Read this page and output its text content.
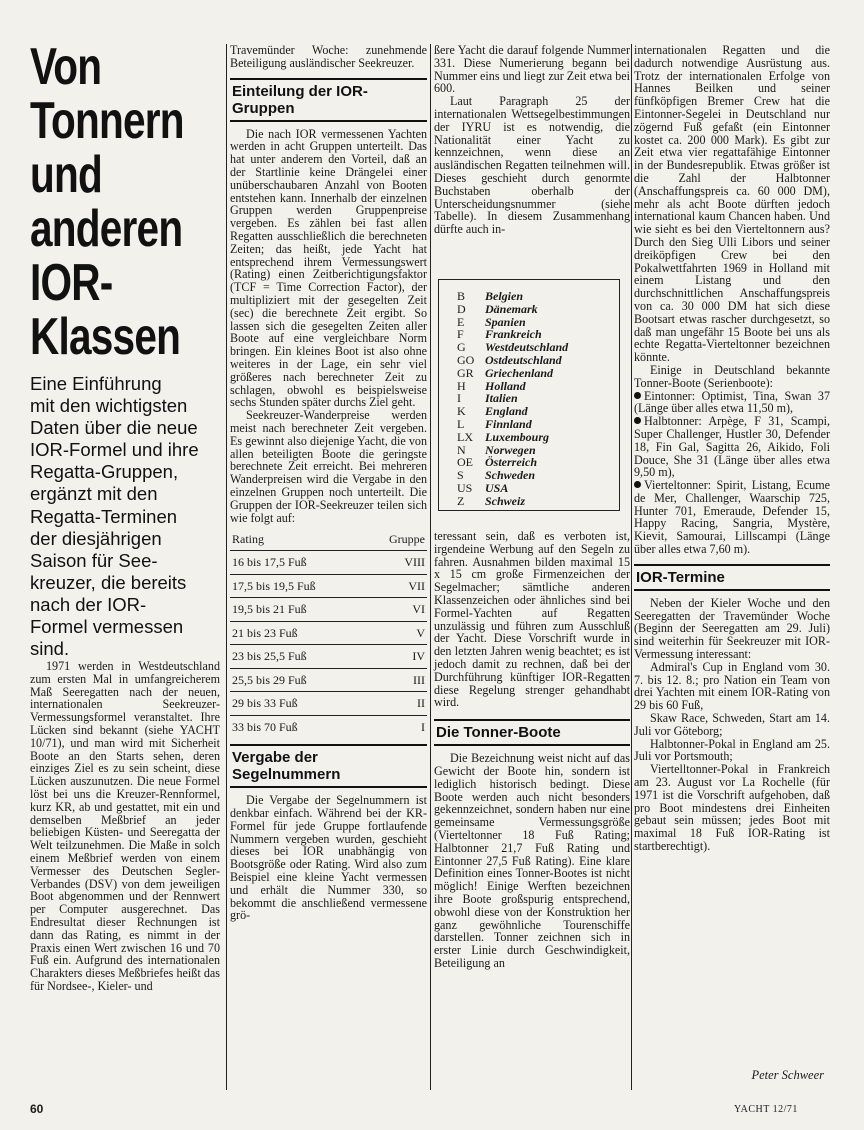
Von
Tonnern
und
anderen
IOR-
Klassen
Eine Einführung
mit den wichtigsten
Daten über die neue
IOR-Formel und ihre
Regatta-Gruppen,
ergänzt mit den
Regatta-Terminen
der diesjährigen
Saison für See-
kreuzer, die bereits
nach der IOR-
Formel vermessen
sind.

1971 werden in Westdeutschland zum ersten Mal in umfangreicherem Maß Seeregatten nach der neuen, internationalen Seekreuzer-Vermessungsformel veranstaltet. Ihre Lücken sind bekannt (siehe YACHT 10/71), und man wird mit Sicherheit Boote an den Starts sehen, deren einziges Ziel es zu sein scheint, diese Lücken auszunutzen. Die neue Formel löst bei uns die Kreuzer-Rennformel, kurz KR, ab und gestattet, mit ein und demselben Meßbrief an jeder beliebigen Küsten- und Seeregatta der Welt teilzunehmen. Die Maße in solch einem Meßbrief werden von einem Vermesser des Deutschen Segler-Verbandes (DSV) von dem jeweiligen Boot abgenommen und der Rennwert per Computer ausgerechnet. Das Endresultat dieser Rechnungen ist dann das Rating, es nimmt in der Praxis einen Wert zwischen 16 und 70 Fuß ein. Aufgrund des internationalen Charakters dieses Meßbriefes heißt das für Nordsee-, Kieler- und

Travemünder Woche: zunehmende Beteiligung ausländischer Seekreuzer.

Einteilung der IOR-Gruppen

Die nach IOR vermessenen Yachten werden in acht Gruppen unterteilt. Das hat unter anderem den Vorteil, daß an der Startlinie keine Drängelei einer unüberschaubaren Anzahl von Booten entstehen kann. Innerhalb der einzelnen Gruppen werden Gruppenpreise vergeben. Es zählen bei fast allen Regatten ausschließlich die berechneten Zeiten; das heißt, jede Yacht hat entsprechend ihrem Vermessungswert (Rating) einen Zeitberichtigungsfaktor (TCF = Time Correction Factor), der multipliziert mit der gesegelten Zeit (sec) die berechnete Zeit ergibt. So lassen sich die gesegelten Zeiten aller Boote auf eine vergleichbare Norm bringen. Ein kleines Boot ist also ohne weiteres in der Lage, ein sehr viel größeres nach berechneter Zeit zu schlagen, obwohl es beispielsweise sechs Stunden später durchs Ziel geht.

Seekreuzer-Wanderpreise werden meist nach berechneter Zeit vergeben. Es gewinnt also diejenige Yacht, die von allen beteiligten Boote die geringste berechnete Zeit erreicht. Bei mehreren Wanderpreisen wird die Vergabe in den einzelnen Gruppen noch unterteilt. Die Gruppen der IOR-Seekreuzer teilen sich wie folgt auf:

Rating	Gruppe
16 bis 17,5 Fuß	VIII
17,5 bis 19,5 Fuß	VII
19,5 bis 21 Fuß	VI
21 bis 23 Fuß	V
23 bis 25,5 Fuß	IV
25,5 bis 29 Fuß	III
29 bis 33 Fuß	II
33 bis 70 Fuß	I
Vergabe der Segelnummern

Die Vergabe der Segelnummern ist denkbar einfach. Während bei der KR-Formel für jede Gruppe fortlaufende Nummern vergeben wurden, geschieht dieses bei IOR unabhängig von Bootsgröße oder Rating. Wird also zum Beispiel eine kleine Yacht vermessen und erhält die Nummer 330, so bekommt die anschließend vermessene grö-

ßere Yacht die darauf folgende Nummer 331. Diese Numerierung begann bei Nummer eins und liegt zur Zeit etwa bei 600.

Laut Paragraph 25 der internationalen Wettsegelbestimmungen der IYRU ist es notwendig, die Nationalität einer Yacht zu kennzeichnen, wenn diese an ausländischen Regatten teilnehmen will. Dieses geschieht durch genormte Buchstaben oberhalb der Unterscheidungsnummer (siehe Tabelle). In diesem Zusammenhang dürfte auch in-

B	Belgien
D	Dänemark
E	Spanien
F	Frankreich
G	Westdeutschland
GO Ostdeutschland
GR Griechenland
H	Holland
I	Italien
K	England
L	Finnland
LX	Luxembourg
N	Norwegen
OE	Österreich
S	Schweden
US	USA
Z	Schweiz

teressant sein, daß es verboten ist, irgendeine Werbung auf den Segeln zu fahren. Ausnahmen bilden maximal 15 x 15 cm große Firmenzeichen der Segelmacher; sämtliche anderen Klassenzeichen oder ähnliches sind bei Formel-Yachten auf Regatten unzulässig und führen zum Ausschluß der Yacht. Diese Vorschrift wurde in den letzten Jahren wenig beachtet; es ist jedoch damit zu rechnen, daß bei der Durchführung künftiger IOR-Regatten diese Regelung strenger gehandhabt wird.

Die Tonner-Boote

Die Bezeichnung weist nicht auf das Gewicht der Boote hin, sondern ist lediglich historisch bedingt. Diese Boote werden auch nicht besonders gekennzeichnet, sondern haben nur eine gemeinsame Vermessungsgröße (Vierteltonner 18 Fuß Rating; Halbtonner 21,7 Fuß Rating und Eintonner 27,5 Fuß Rating). Eine klare Definition eines Tonner-Bootes ist nicht möglich! Einige Werften bezeichnen ihre Boote großspurig entsprechend, obwohl diese von der Konstruktion her ganz gewöhnliche Tourenschiffe darstellen. Tonner zeichnen sich in erster Linie durch Geschwindigkeit, Beteiligung an

internationalen Regatten und die dadurch notwendige Ausrüstung aus. Trotz der internationalen Erfolge von Hannes Beilken und seiner fünfköpfigen Bremer Crew hat die Eintonner-Segelei in Deutschland nur zögernd Fuß gefaßt (ein Eintonner kostet ca. 200 000 Mark). Es gibt zur Zeit etwa vier regattafähige Eintonner in der Bundesrepublik. Etwas größer ist die Zahl der Halbtonner (Anschaffungspreis ca. 60 000 DM), mehr als acht Boote dürften jedoch international kaum Chancen haben. Und wie sieht es bei den Vierteltonnern aus? Durch den Sieg Ulli Libors und seiner dreiköpfigen Crew bei den Pokalwettfahrten 1969 in Holland mit einem Listang und den durchschnittlichen Anschaffungspreis von ca. 30 000 DM hat sich diese Bootsart etwas rascher durchgesetzt, so daß man ungefähr 15 Boote bei uns als echte Regatta-Vierteltonner bezeichnen könnte.

Einige in Deutschland bekannte Tonner-Boote (Serienboote):

Eintonner: Optimist, Tina, Swan 37 (Länge über alles etwa 11,50 m),

Halbtonner: Arpège, F 31, Scampi, Super Challenger, Hustler 30, Defender 18, Fin Gal, Sagitta 26, Aikido, Foli Douce, She 31 (Länge über alles etwa 9,50 m),

Vierteltonner: Spirit, Listang, Ecume de Mer, Challenger, Waarschip 725, Hunter 701, Emeraude, Defender 15, Happy Racing, Sangria, Mystère, Kievit, Samourai, Lillscampi (Länge über alles etwa 7,60 m).

IOR-Termine

Neben der Kieler Woche und den Seeregatten der Travemünder Woche (Beginn der Seeregatten am 29. Juli) sind weiterhin für Seekreuzer mit IOR-Vermessung interessant:

Admiral's Cup in England vom 30. 7. bis 12. 8.; pro Nation ein Team von drei Yachten mit einem IOR-Rating von 29 bis 60 Fuß,

Skaw Race, Schweden, Start am 14. Juli vor Göteborg;

Halbtonner-Pokal in England am 25. Juli vor Portsmouth;

Viertelltonner-Pokal in Frankreich am 23. August vor La Rochelle (für 1971 ist die Vorschrift aufgehoben, daß pro Boot mindestens drei Einheiten gebaut sein müssen; jedes Boot mit maximal 18 Fuß IOR-Rating ist startberechtigt).

Peter Schweer
60	YACHT 12/71
